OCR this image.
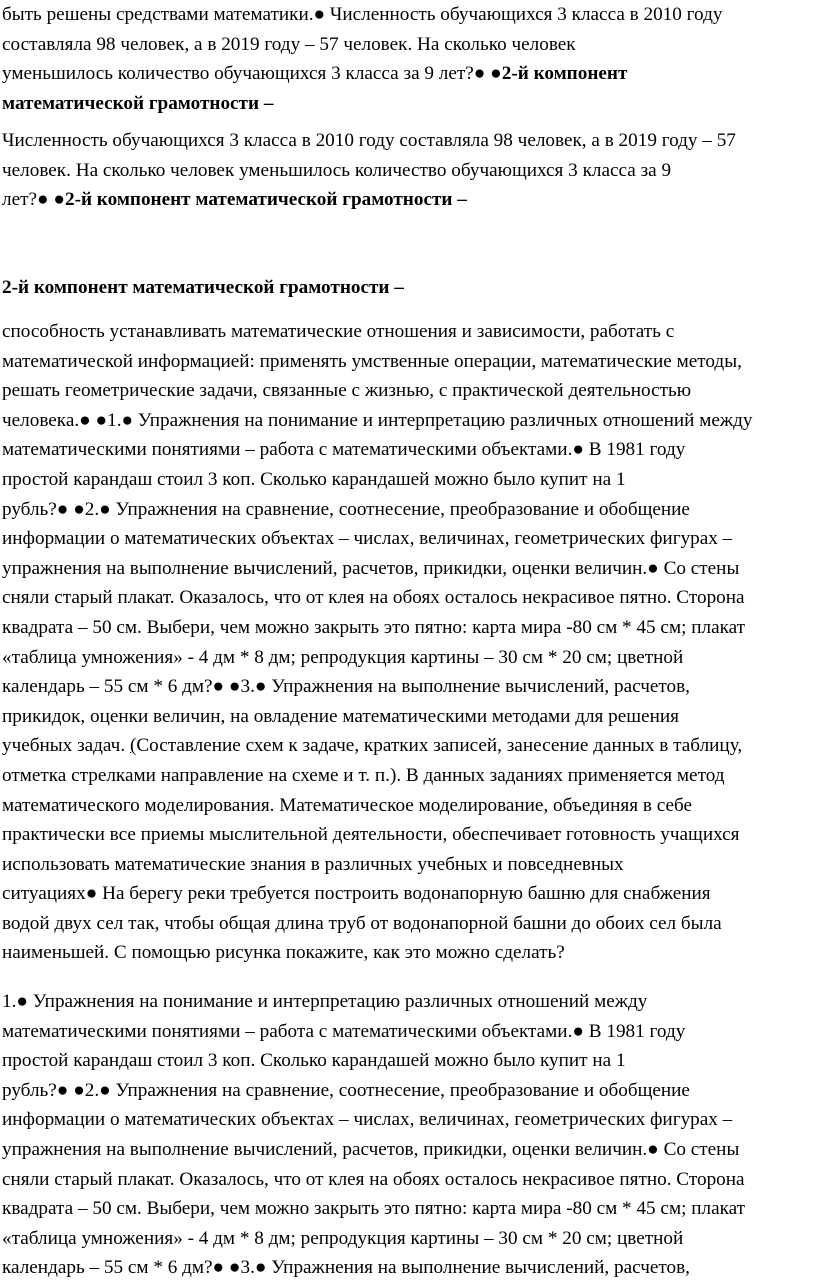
быть решены средствами математики.● Численность обучающихся 3 класса в 2010 году
составляла 98 человек, а в 2019 году – 57 человек. На сколько человек
уменьшилось количество обучающихся 3 класса за 9 лет?● ●2-й компонент
математической грамотности –
Численность обучающихся 3 класса в 2010 году составляла 98 человек, а в 2019 году – 57
человек. На сколько человек уменьшилось количество обучающихся 3 класса за 9
лет?● ●2-й компонент математической грамотности –
2-й компонент математической грамотности –
способность устанавливать математические отношения и зависимости, работать с
математической информацией: применять умственные операции, математические методы,
решать геометрические задачи, связанные с жизнью, с практической деятельностью
человека.● ●1.● Упражнения на понимание и интерпретацию различных отношений между
математическими понятиями – работа с математическими объектами.● В 1981 году
простой карандаш стоил 3 коп. Сколько карандашей можно было купит на 1
рубль?● ●2.● Упражнения на сравнение, соотнесение, преобразование и обобщение
информации о математических объектах – числах, величинах, геометрических фигурах –
упражнения на выполнение вычислений, расчетов, прикидки, оценки величин.● Со стены
сняли старый плакат. Оказалось, что от клея на обоях осталось некрасивое пятно. Сторона
квадрата – 50 см. Выбери, чем можно закрыть это пятно: карта мира -80 см * 45 см; плакат
«таблица умножения» - 4 дм * 8 дм; репродукция картины – 30 см * 20 см; цветной
календарь – 55 см * 6 дм?● ●3.● Упражнения на выполнение вычислений, расчетов,
прикидок, оценки величин, на овладение математическими методами для решения
учебных задач. (Составление схем к задаче, кратких записей, занесение данных в таблицу,
отметка стрелками направление на схеме и т. п.). В данных заданиях применяется метод
математического моделирования. Математическое моделирование, объединяя в себе
практически все приемы мыслительной деятельности, обеспечивает готовность учащихся
использовать математические знания в различных учебных и повседневных
ситуациях● На берегу реки требуется построить водонапорную башню для снабжения
водой двух сел так, чтобы общая длина труб от водонапорной башни до обоих сел была
наименьшей. С помощью рисунка покажите, как это можно сделать?
1.● Упражнения на понимание и интерпретацию различных отношений между
математическими понятиями – работа с математическими объектами.● В 1981 году
простой карандаш стоил 3 коп. Сколько карандашей можно было купит на 1
рубль?● ●2.● Упражнения на сравнение, соотнесение, преобразование и обобщение
информации о математических объектах – числах, величинах, геометрических фигурах –
упражнения на выполнение вычислений, расчетов, прикидки, оценки величин.● Со стены
сняли старый плакат. Оказалось, что от клея на обоях осталось некрасивое пятно. Сторона
квадрата – 50 см. Выбери, чем можно закрыть это пятно: карта мира -80 см * 45 см; плакат
«таблица умножения» - 4 дм * 8 дм; репродукция картины – 30 см * 20 см; цветной
календарь – 55 см * 6 дм?● ●3.● Упражнения на выполнение вычислений, расчетов,
